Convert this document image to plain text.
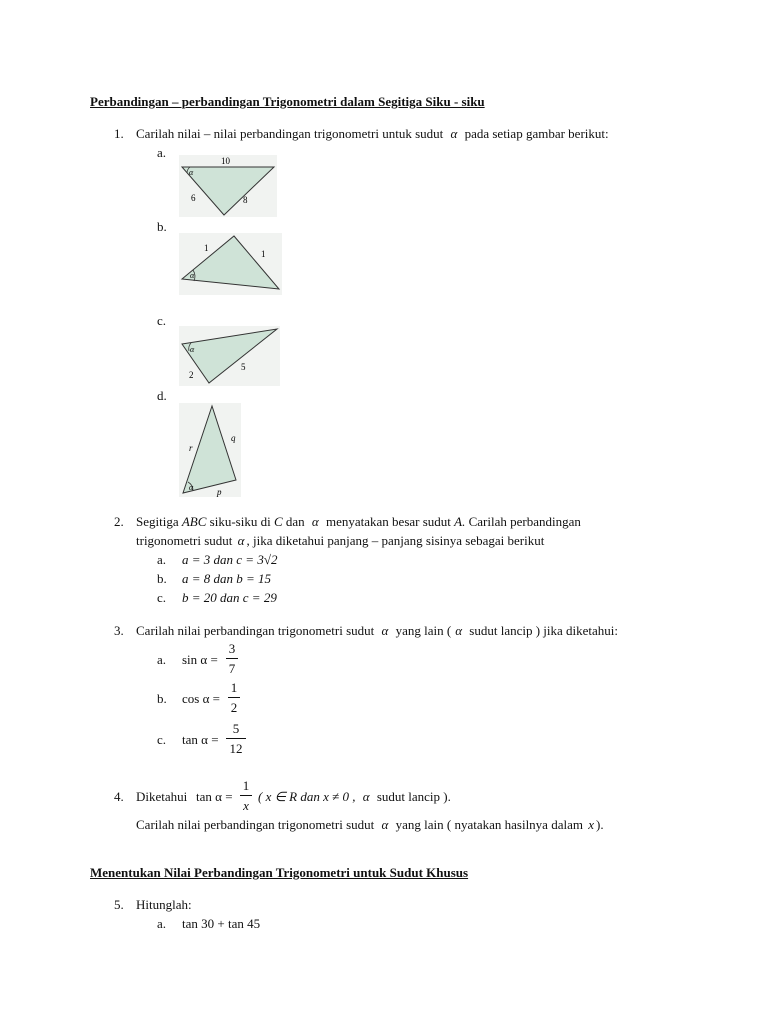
Perbandingan – perbandingan Trigonometri dalam Segitiga Siku - siku
1. Carilah nilai – nilai perbandingan trigonometri untuk sudut α pada setiap gambar berikut:
a.
α
10
6	8
b.
α
1
1
c.
α
2
5
d.
α
r
q
p
2. Segitiga ABC siku-siku di C dan α menyatakan besar sudut A. Carilah perbandingan
trigonometri sudut α , jika diketahui panjang – panjang sisinya sebagai berikut
a. a = 3 dan c = 3√2
b. a = 8 dan b = 15
c. b = 20 dan c = 29
3. Carilah nilai perbandingan trigonometri sudut α yang lain ( α sudut lancip ) jika diketahui:
a. sin α =
3
7
b. cos α =
1
2
c. tan α =
5
12
4. Diketahui tan α =
1
x
( x ∈ R dan x ≠ 0 , α sudut lancip ).
Carilah nilai perbandingan trigonometri sudut α yang lain ( nyatakan hasilnya dalam x ).
Menentukan Nilai Perbandingan Trigonometri untuk Sudut Khusus
5. Hitunglah:
a. tan 30 + tan 45
